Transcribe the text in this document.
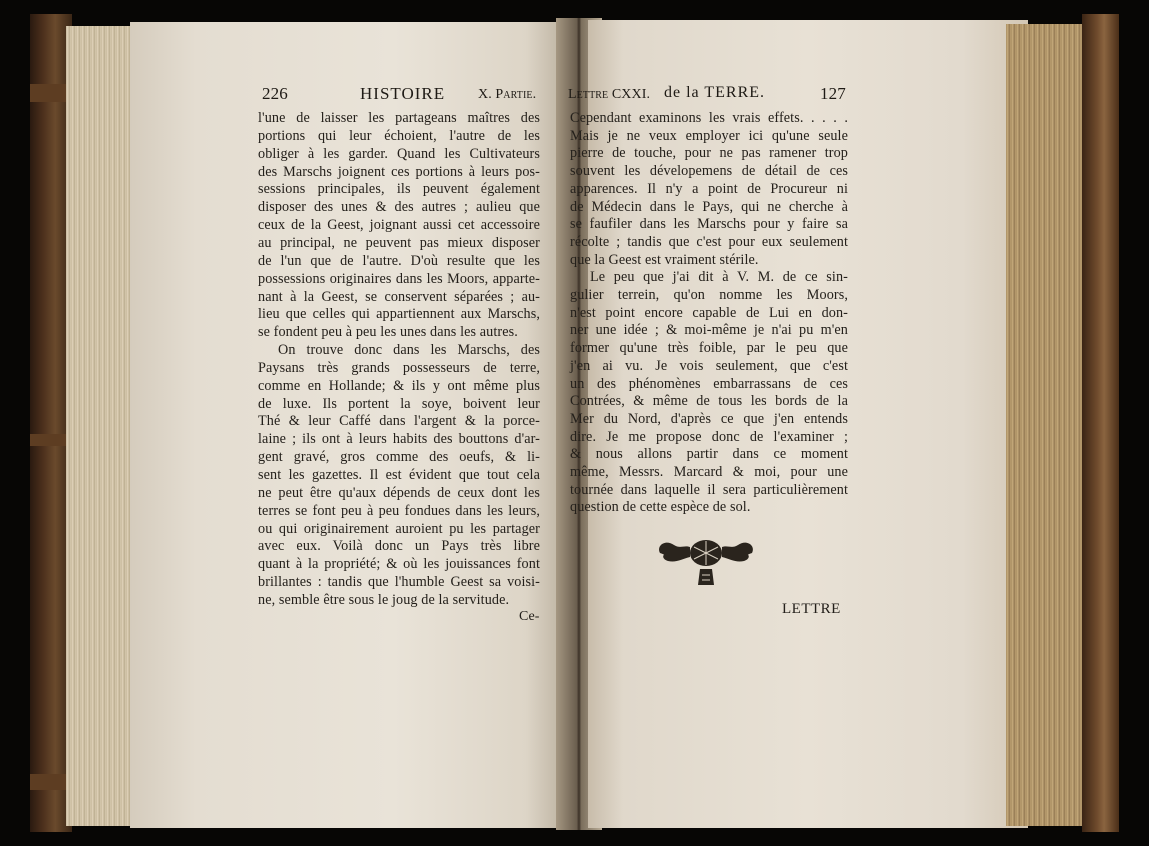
226	HISTOIRE X. Partie.
l'une de laisser les partageans maîtres des
portions qui leur échoient, l'autre de les
obliger à les garder. Quand les Cultivateurs
des Marschs joignent ces portions à leurs pos-
sessions principales, ils peuvent également
disposer des unes & des autres ; aulieu que
ceux de la Geest, joignant aussi cet accessoire
au principal, ne peuvent pas mieux disposer
de l'un que de l'autre. D'où resulte que les
possessions originaires dans les Moors, apparte-
nant à la Geest, se conservent séparées ; au-
lieu que celles qui appartiennent aux Marschs,
se fondent peu à peu les unes dans les autres.
On trouve donc dans les Marschs, des
Paysans très grands possesseurs de terre,
comme en Hollande; & ils y ont même plus
de luxe. Ils portent la soye, boivent leur
Thé & leur Caffé dans l'argent & la porce-
laine ; ils ont à leurs habits des bouttons d'ar-
gent gravé, gros comme des oeufs, & li-
sent les gazettes. Il est évident que tout cela
ne peut être qu'aux dépends de ceux dont les
terres se font peu à peu fondues dans les leurs,
ou qui originairement auroient pu les partager
avec eux. Voilà donc un Pays très libre
quant à la propriété; & où les jouissances font
brillantes : tandis que l'humble Geest sa voisi-
ne, semble être sous le joug de la servitude.
Ce-
Lettre CXXI. de la TERRE.	127
Cependant examinons les vrais effets. . . . .
Mais je ne veux employer ici qu'une seule
pierre de touche, pour ne pas ramener trop
souvent les dévelopemens de détail de ces
apparences. Il n'y a point de Procureur ni
de Médecin dans le Pays, qui ne cherche à
se faufiler dans les Marschs pour y faire sa
récolte ; tandis que c'est pour eux seulement
que la Geest est vraiment stérile.
Le peu que j'ai dit à V. M. de ce sin-
gulier terrein, qu'on nomme les Moors,
n'est point encore capable de Lui en don-
ner une idée ; & moi-même je n'ai pu m'en
former qu'une très foible, par le peu que
j'en ai vu. Je vois seulement, que c'est
un des phénomènes embarrassans de ces
Contrées, & même de tous les bords de la
Mer du Nord, d'après ce que j'en entends
dire. Je me propose donc de l'examiner ;
& nous allons partir dans ce moment
même, Messrs. Marcard & moi, pour une
tournée dans laquelle il sera particulièrement
question de cette espèce de sol.
LETTRE
